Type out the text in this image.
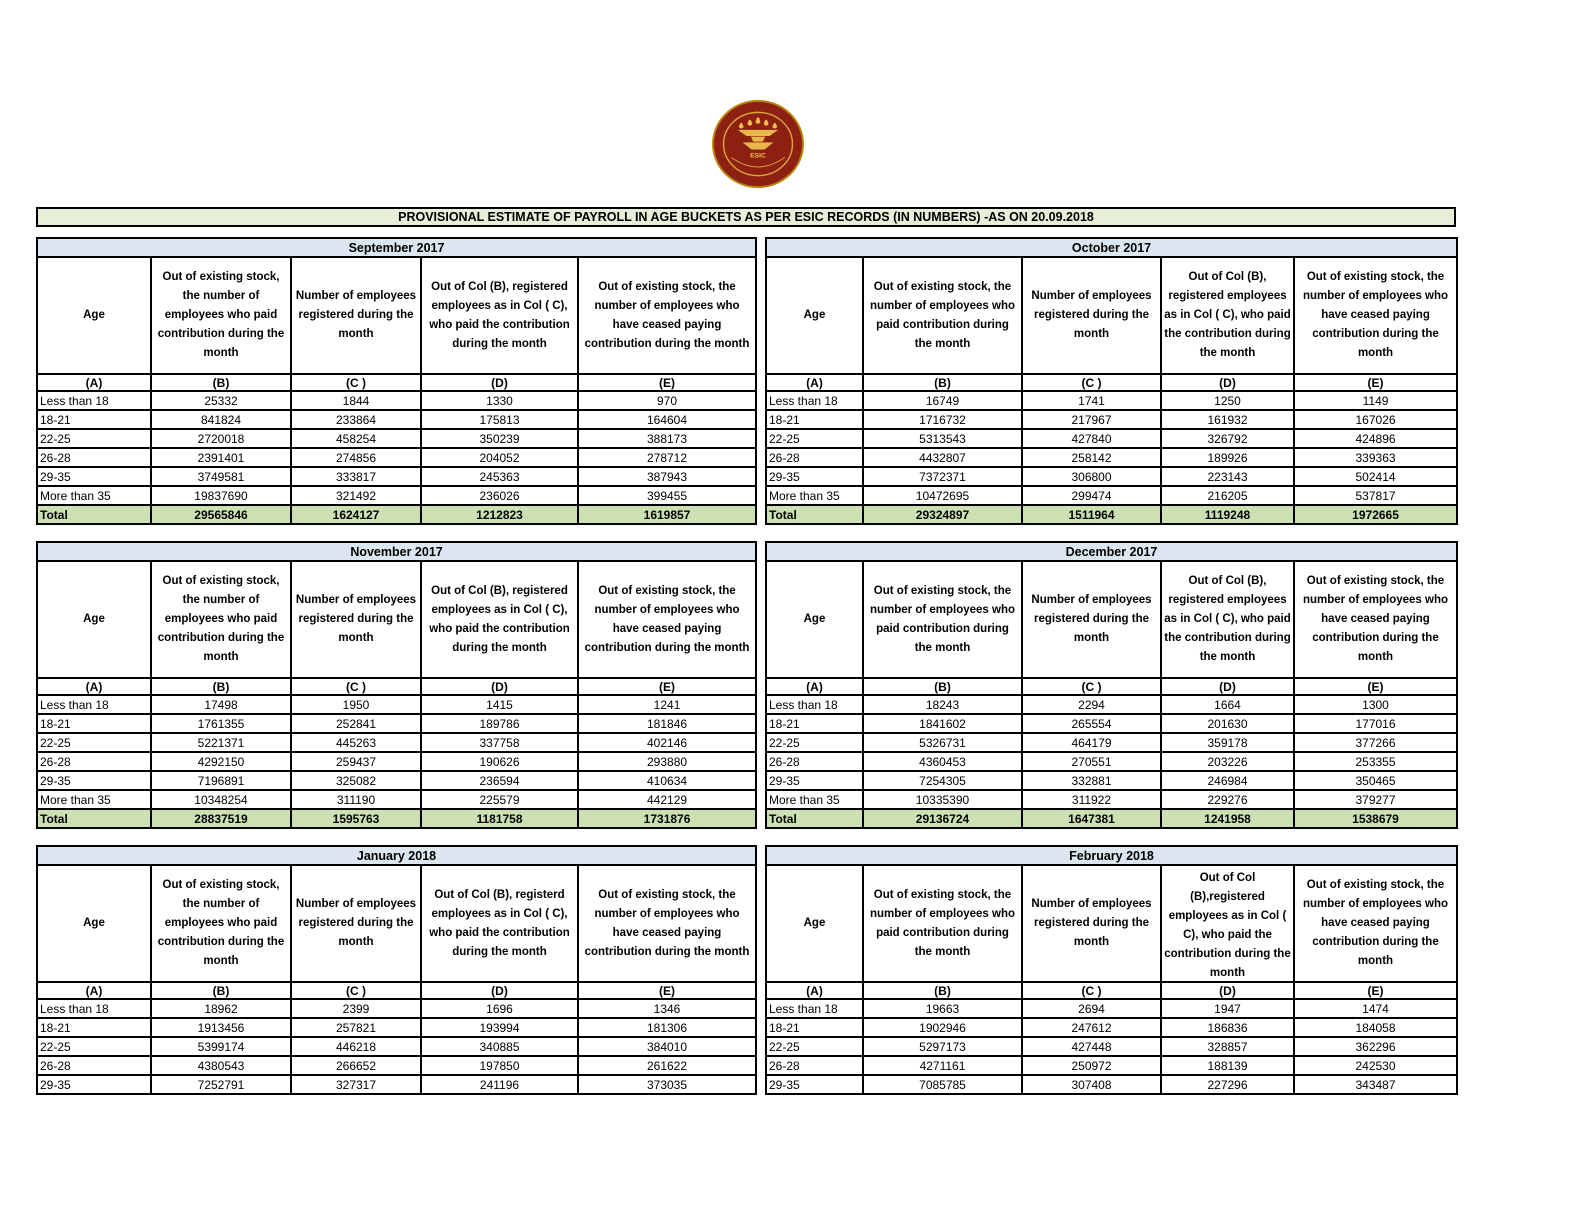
ESIC
PROVISIONAL ESTIMATE OF PAYROLL IN AGE BUCKETS AS PER ESIC RECORDS (IN NUMBERS) -AS ON 20.09.2018
September 2017				

Age	Out of existing stock, the number of employees who paid contribution during the month	Number of employees registered during the month	Out of Col (B), registered employees as in Col ( C), who paid the contribution during the month	Out of existing stock, the number of employees who have ceased paying contribution during the month

(A)	(B)	(C )	(D)	(E)
Less than 18	25332	1844	1330	970
18-21	841824	233864	175813	164604
22-25	2720018	458254	350239	388173
26-28	2391401	274856	204052	278712
29-35	3749581	333817	245363	387943
More than 35	19837690	321492	236026	399455
Total	29565846	1624127	1212823	1619857
October 2017				

Age	Out of existing stock, the number of employees who paid contribution during the month	Number of employees registered during the month	Out of Col (B), registered employees as in Col ( C), who paid the contribution during the month	Out of existing stock, the number of employees who have ceased paying contribution during the month

(A)	(B)	(C )	(D)	(E)
Less than 18	16749	1741	1250	1149
18-21	1716732	217967	161932	167026
22-25	5313543	427840	326792	424896
26-28	4432807	258142	189926	339363
29-35	7372371	306800	223143	502414
More than 35	10472695	299474	216205	537817
Total	29324897	1511964	1119248	1972665
November 2017				

Age	Out of existing stock, the number of employees who paid contribution during the month	Number of employees registered during the month	Out of Col (B), registered employees as in Col ( C), who paid the contribution during the month	Out of existing stock, the number of employees who have ceased paying contribution during the month

(A)	(B)	(C )	(D)	(E)
Less than 18	17498	1950	1415	1241
18-21	1761355	252841	189786	181846
22-25	5221371	445263	337758	402146
26-28	4292150	259437	190626	293880
29-35	7196891	325082	236594	410634
More than 35	10348254	311190	225579	442129
Total	28837519	1595763	1181758	1731876
December 2017				

Age	Out of existing stock, the number of employees who paid contribution during the month	Number of employees registered during the month	Out of Col (B), registered employees as in Col ( C), who paid the contribution during the month	Out of existing stock, the number of employees who have ceased paying contribution during the month

(A)	(B)	(C )	(D)	(E)
Less than 18	18243	2294	1664	1300
18-21	1841602	265554	201630	177016
22-25	5326731	464179	359178	377266
26-28	4360453	270551	203226	253355
29-35	7254305	332881	246984	350465
More than 35	10335390	311922	229276	379277
Total	29136724	1647381	1241958	1538679
January 2018				

Age	Out of existing stock, the number of employees who paid contribution during the month	Number of employees registered during the month	Out of Col (B), registerd employees as in Col ( C), who paid the contribution during the month	Out of existing stock, the number of employees who have ceased paying contribution during the month

(A)	(B)	(C )	(D)	(E)
Less than 18	18962	2399	1696	1346
18-21	1913456	257821	193994	181306
22-25	5399174	446218	340885	384010
26-28	4380543	266652	197850	261622
29-35	7252791	327317	241196	373035
February 2018				

Age	Out of existing stock, the number of employees who paid contribution during the month	Number of employees registered during the month	Out of Col (B),registered employees as in Col ( C), who paid the contribution during the month	Out of existing stock, the number of employees who have ceased paying contribution during the month

(A)	(B)	(C )	(D)	(E)
Less than 18	19663	2694	1947	1474
18-21	1902946	247612	186836	184058
22-25	5297173	427448	328857	362296
26-28	4271161	250972	188139	242530
29-35	7085785	307408	227296	343487
